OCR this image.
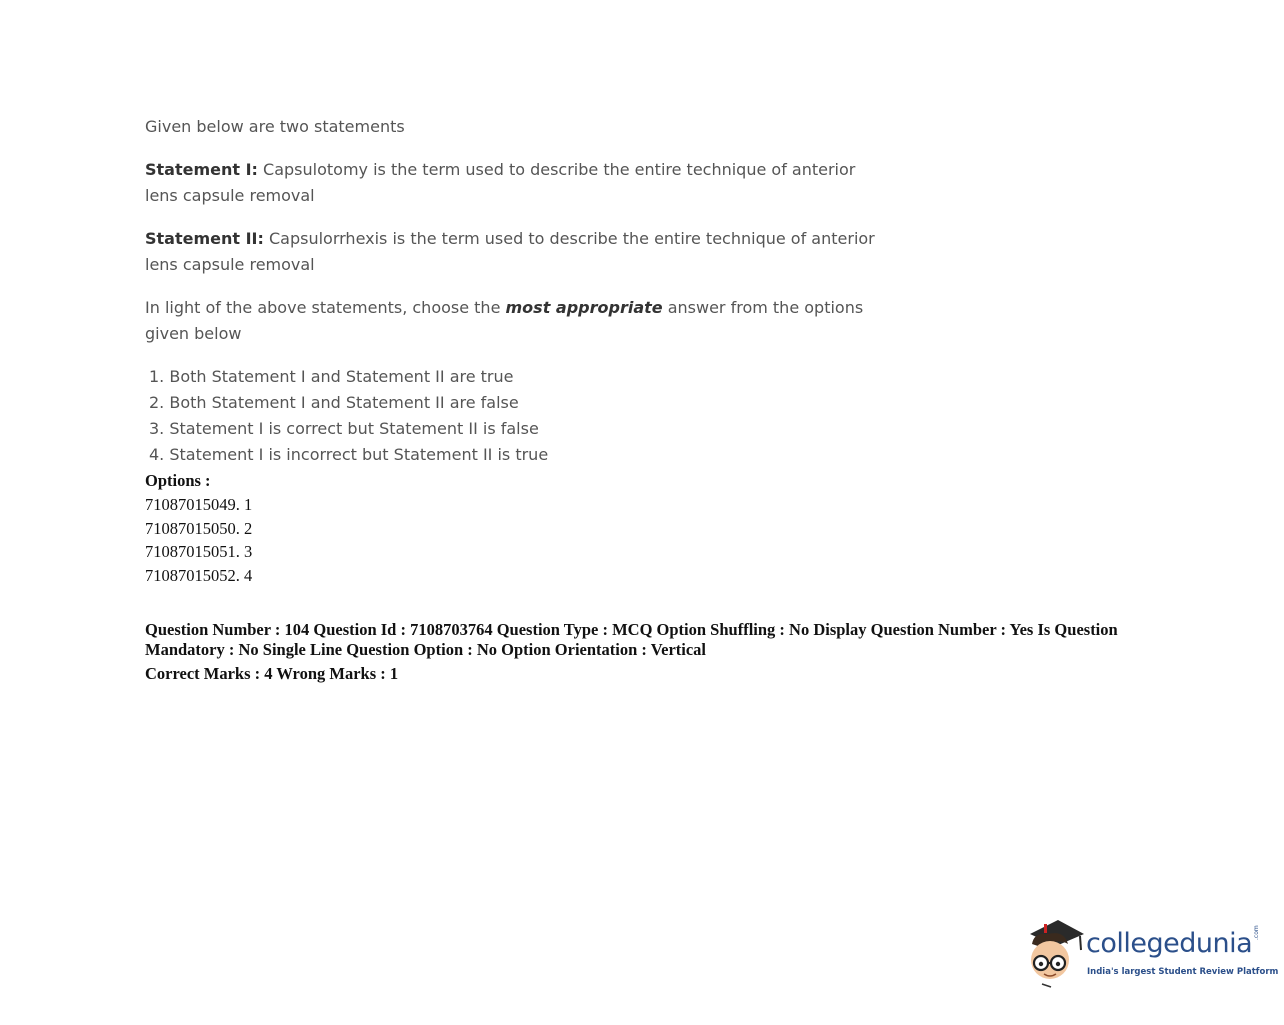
Given below are two statements
Statement I: Capsulotomy is the term used to describe the entire technique of anterior lens capsule removal
Statement II: Capsulorrhexis is the term used to describe the entire technique of anterior lens capsule removal
In light of the above statements, choose the most appropriate answer from the options given below
1. Both Statement I and Statement II are true
2. Both Statement I and Statement II are false
3. Statement I is correct but Statement II is false
4. Statement I is incorrect but Statement II is true
Options :
71087015049. 1
71087015050. 2
71087015051. 3
71087015052. 4
Question Number : 104 Question Id : 7108703764 Question Type : MCQ Option Shuffling : No Display Question Number : Yes Is Question Mandatory : No Single Line Question Option : No Option Orientation : Vertical
Correct Marks : 4 Wrong Marks : 1
collegedunia .com
India's largest Student Review Platform
